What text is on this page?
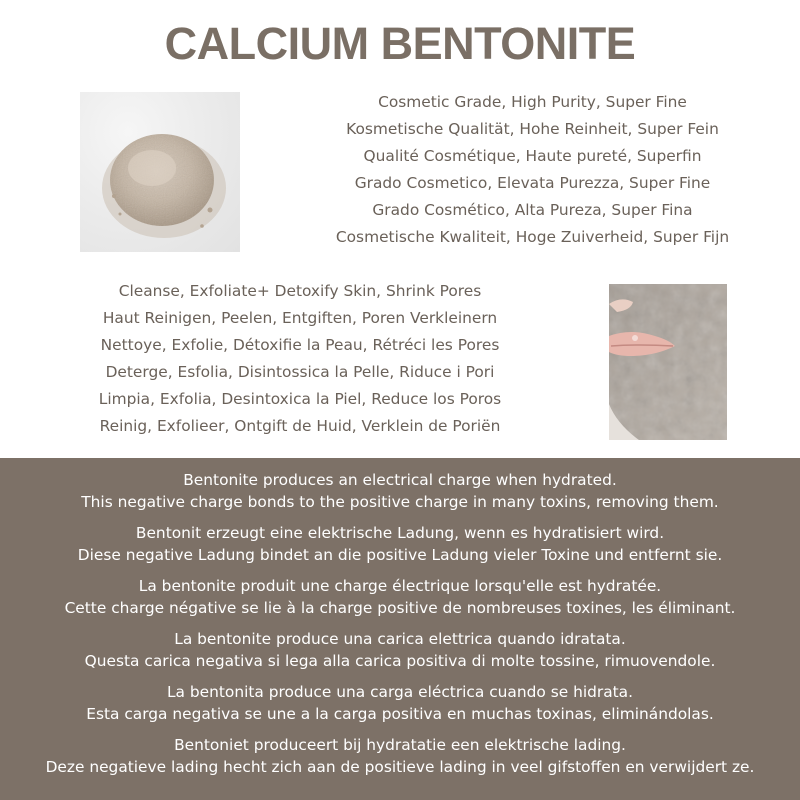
CALCIUM BENTONITE
Cosmetic Grade, High Purity, Super Fine
Kosmetische Qualität, Hohe Reinheit, Super Fein
Qualité Cosmétique, Haute pureté, Superfin
Grado Cosmetico, Elevata Purezza, Super Fine
Grado Cosmético, Alta Pureza, Super Fina
Cosmetische Kwaliteit, Hoge Zuiverheid, Super Fijn
Cleanse, Exfoliate+ Detoxify Skin, Shrink Pores
Haut Reinigen, Peelen, Entgiften, Poren Verkleinern
Nettoye, Exfolie, Détoxifie la Peau, Rétréci les Pores
Deterge, Esfolia, Disintossica la Pelle, Riduce i Pori
Limpia, Exfolia, Desintoxica la Piel, Reduce los Poros
Reinig, Exfolieer, Ontgift de Huid, Verklein de Poriën
Bentonite produces an electrical charge when hydrated.
This negative charge bonds to the positive charge in many toxins, removing them.
Bentonit erzeugt eine elektrische Ladung, wenn es hydratisiert wird.
Diese negative Ladung bindet an die positive Ladung vieler Toxine und entfernt sie.
La bentonite produit une charge électrique lorsqu'elle est hydratée.
Cette charge négative se lie à la charge positive de nombreuses toxines, les éliminant.
La bentonite produce una carica elettrica quando idratata.
Questa carica negativa si lega alla carica positiva di molte tossine, rimuovendole.
La bentonita produce una carga eléctrica cuando se hidrata.
Esta carga negativa se une a la carga positiva en muchas toxinas, eliminándolas.
Bentoniet produceert bij hydratatie een elektrische lading.
Deze negatieve lading hecht zich aan de positieve lading in veel gifstoffen en verwijdert ze.
